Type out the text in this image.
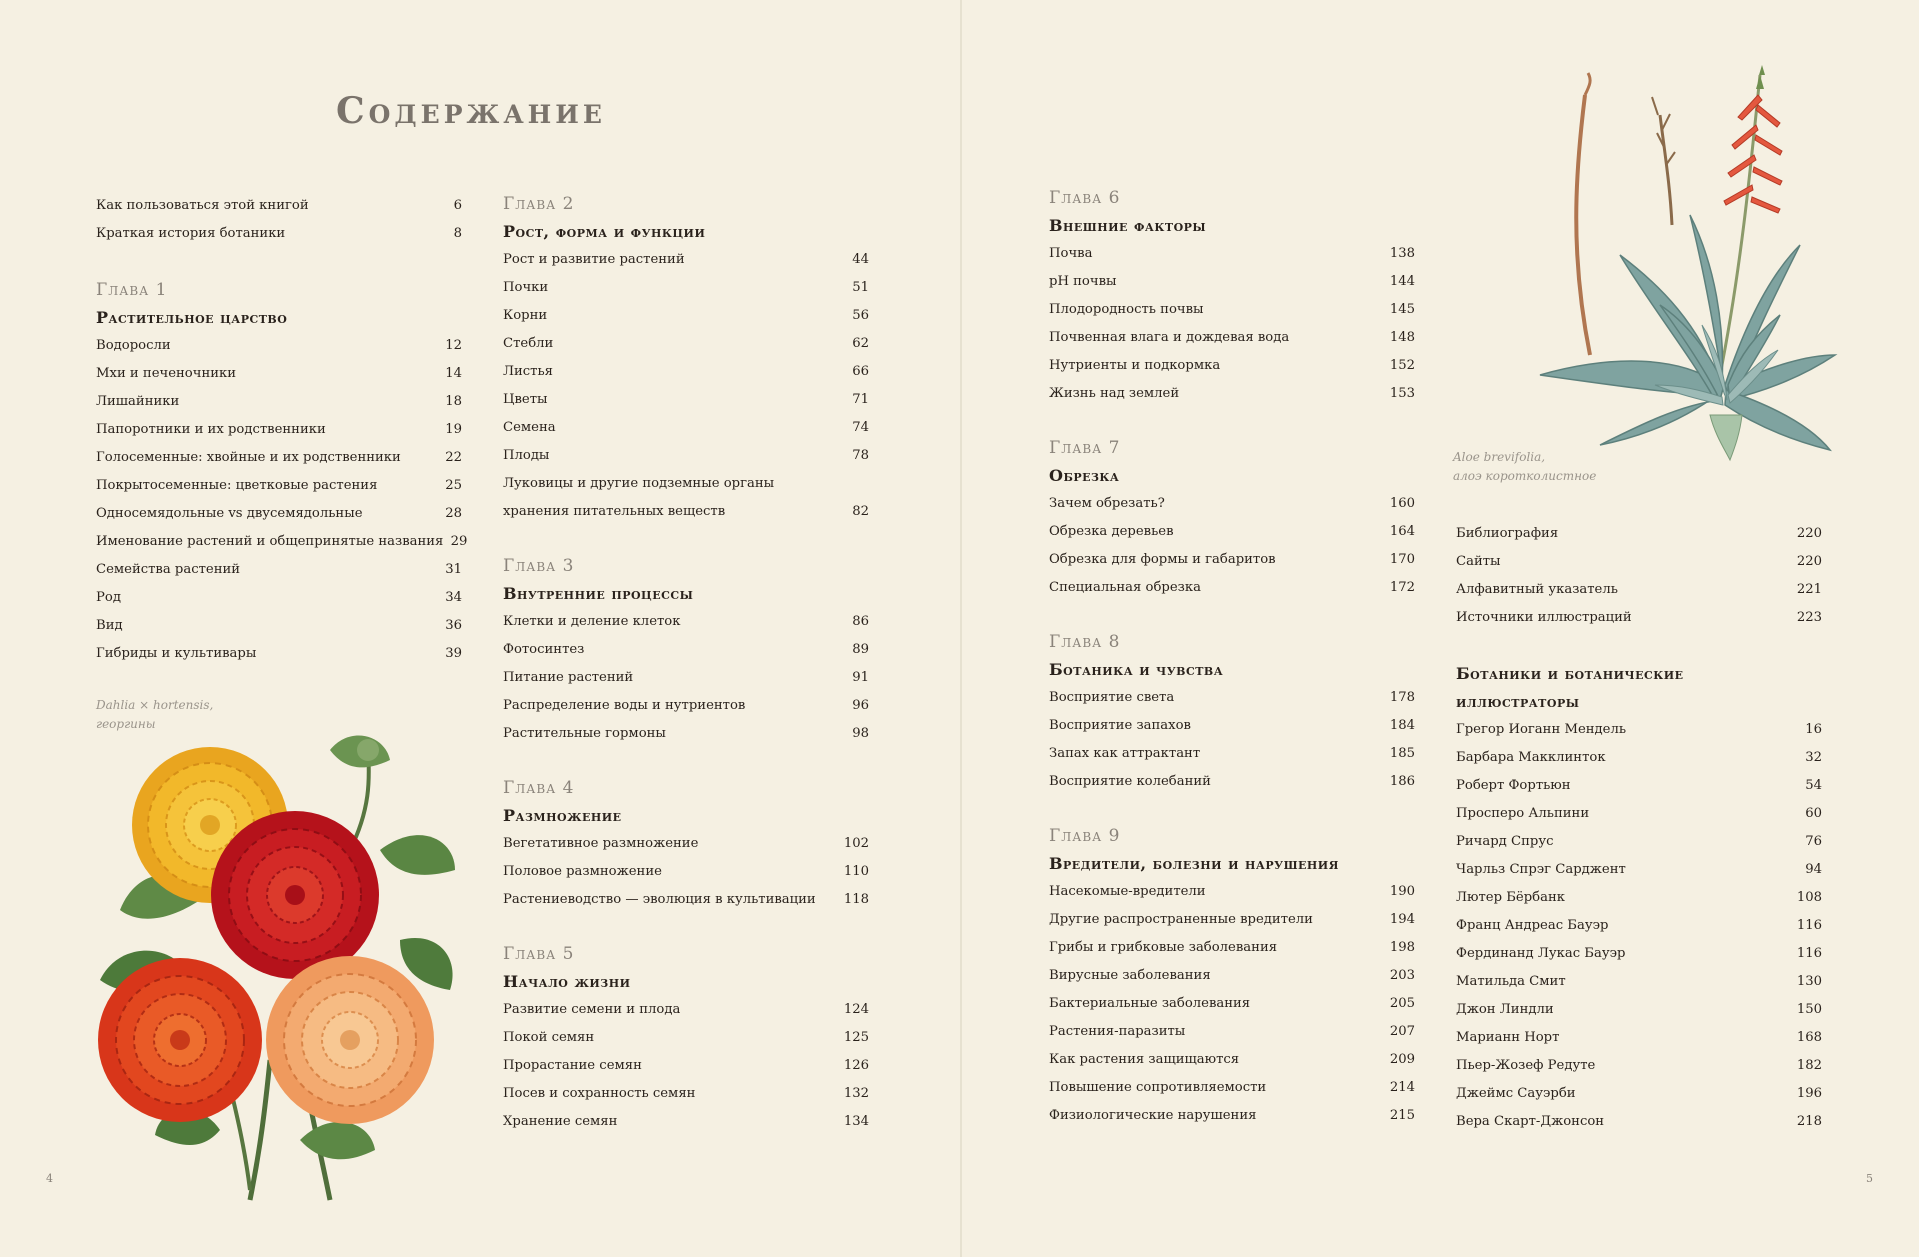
Содержание
Как пользоваться этой книгой	6
Краткая история ботаники	8
Глава 1
Растительное царство
Водоросли	12
Мхи и печеночники	14
Лишайники	18
Папоротники и их родственники	19
Голосеменные: хвойные и их родственники	22
Покрытосеменные: цветковые растения	25
Односемядольные vs двусемядольные	28
Именование растений и общепринятые названия 29
Семейства растений	31
Род	34
Вид	36
Гибриды и культивары	39
Глава 2
Рост, форма и функции
Рост и развитие растений	44
Почки	51
Корни	56
Стебли	62
Листья	66
Цветы	71
Семена	74
Плоды	78
Луковицы и другие подземные органы хранения питательных веществ	82
Глава 3
Внутренние процессы
Клетки и деление клеток	86
Фотосинтез	89
Питание растений	91
Распределение воды и нутриентов	96
Растительные гормоны	98
Глава 4
Размножение
Вегетативное размножение	102
Половое размножение	110
Растениеводство — эволюция в культивации 118
Глава 5
Начало жизни
Развитие семени и плода	124
Покой семян	125
Прорастание семян	126
Посев и сохранность семян	132
Хранение семян	134
Глава 6
Внешние факторы
Почва	138
pH почвы	144
Плодородность почвы	145
Почвенная влага и дождевая вода	148
Нутриенты и подкормка	152
Жизнь над землей	153
Глава 7
Обрезка
Зачем обрезать?	160
Обрезка деревьев	164
Обрезка для формы и габаритов	170
Специальная обрезка	172
Глава 8
Ботаника и чувства
Восприятие света	178
Восприятие запахов	184
Запах как аттрактант	185
Восприятие колебаний	186
Глава 9
Вредители, болезни и нарушения
Насекомые-вредители	190
Другие распространенные вредители	194
Грибы и грибковые заболевания	198
Вирусные заболевания	203
Бактериальные заболевания	205
Растения-паразиты	207
Как растения защищаются	209
Повышение сопротивляемости	214
Физиологические нарушения	215
Библиография	220
Сайты	220
Алфавитный указатель	221
Источники иллюстраций	223
Ботаники и ботанические иллюстраторы
Грегор Иоганн Мендель	16
Барбара Макклинток	32
Роберт Фортьюн	54
Просперо Альпини	60
Ричард Спрус	76
Чарльз Спрэг Сарджент	94
Лютер Бёрбанк	108
Франц Андреас Бауэр	116
Фердинанд Лукас Бауэр	116
Матильда Смит	130
Джон Линдли	150
Марианн Норт	168
Пьер-Жозеф Редуте	182
Джеймс Сауэрби	196
Вера Скарт-Джонсон	218
Dahlia × hortensis,
георгины
Aloe brevifolia,
алоэ коротколистное
4	5
